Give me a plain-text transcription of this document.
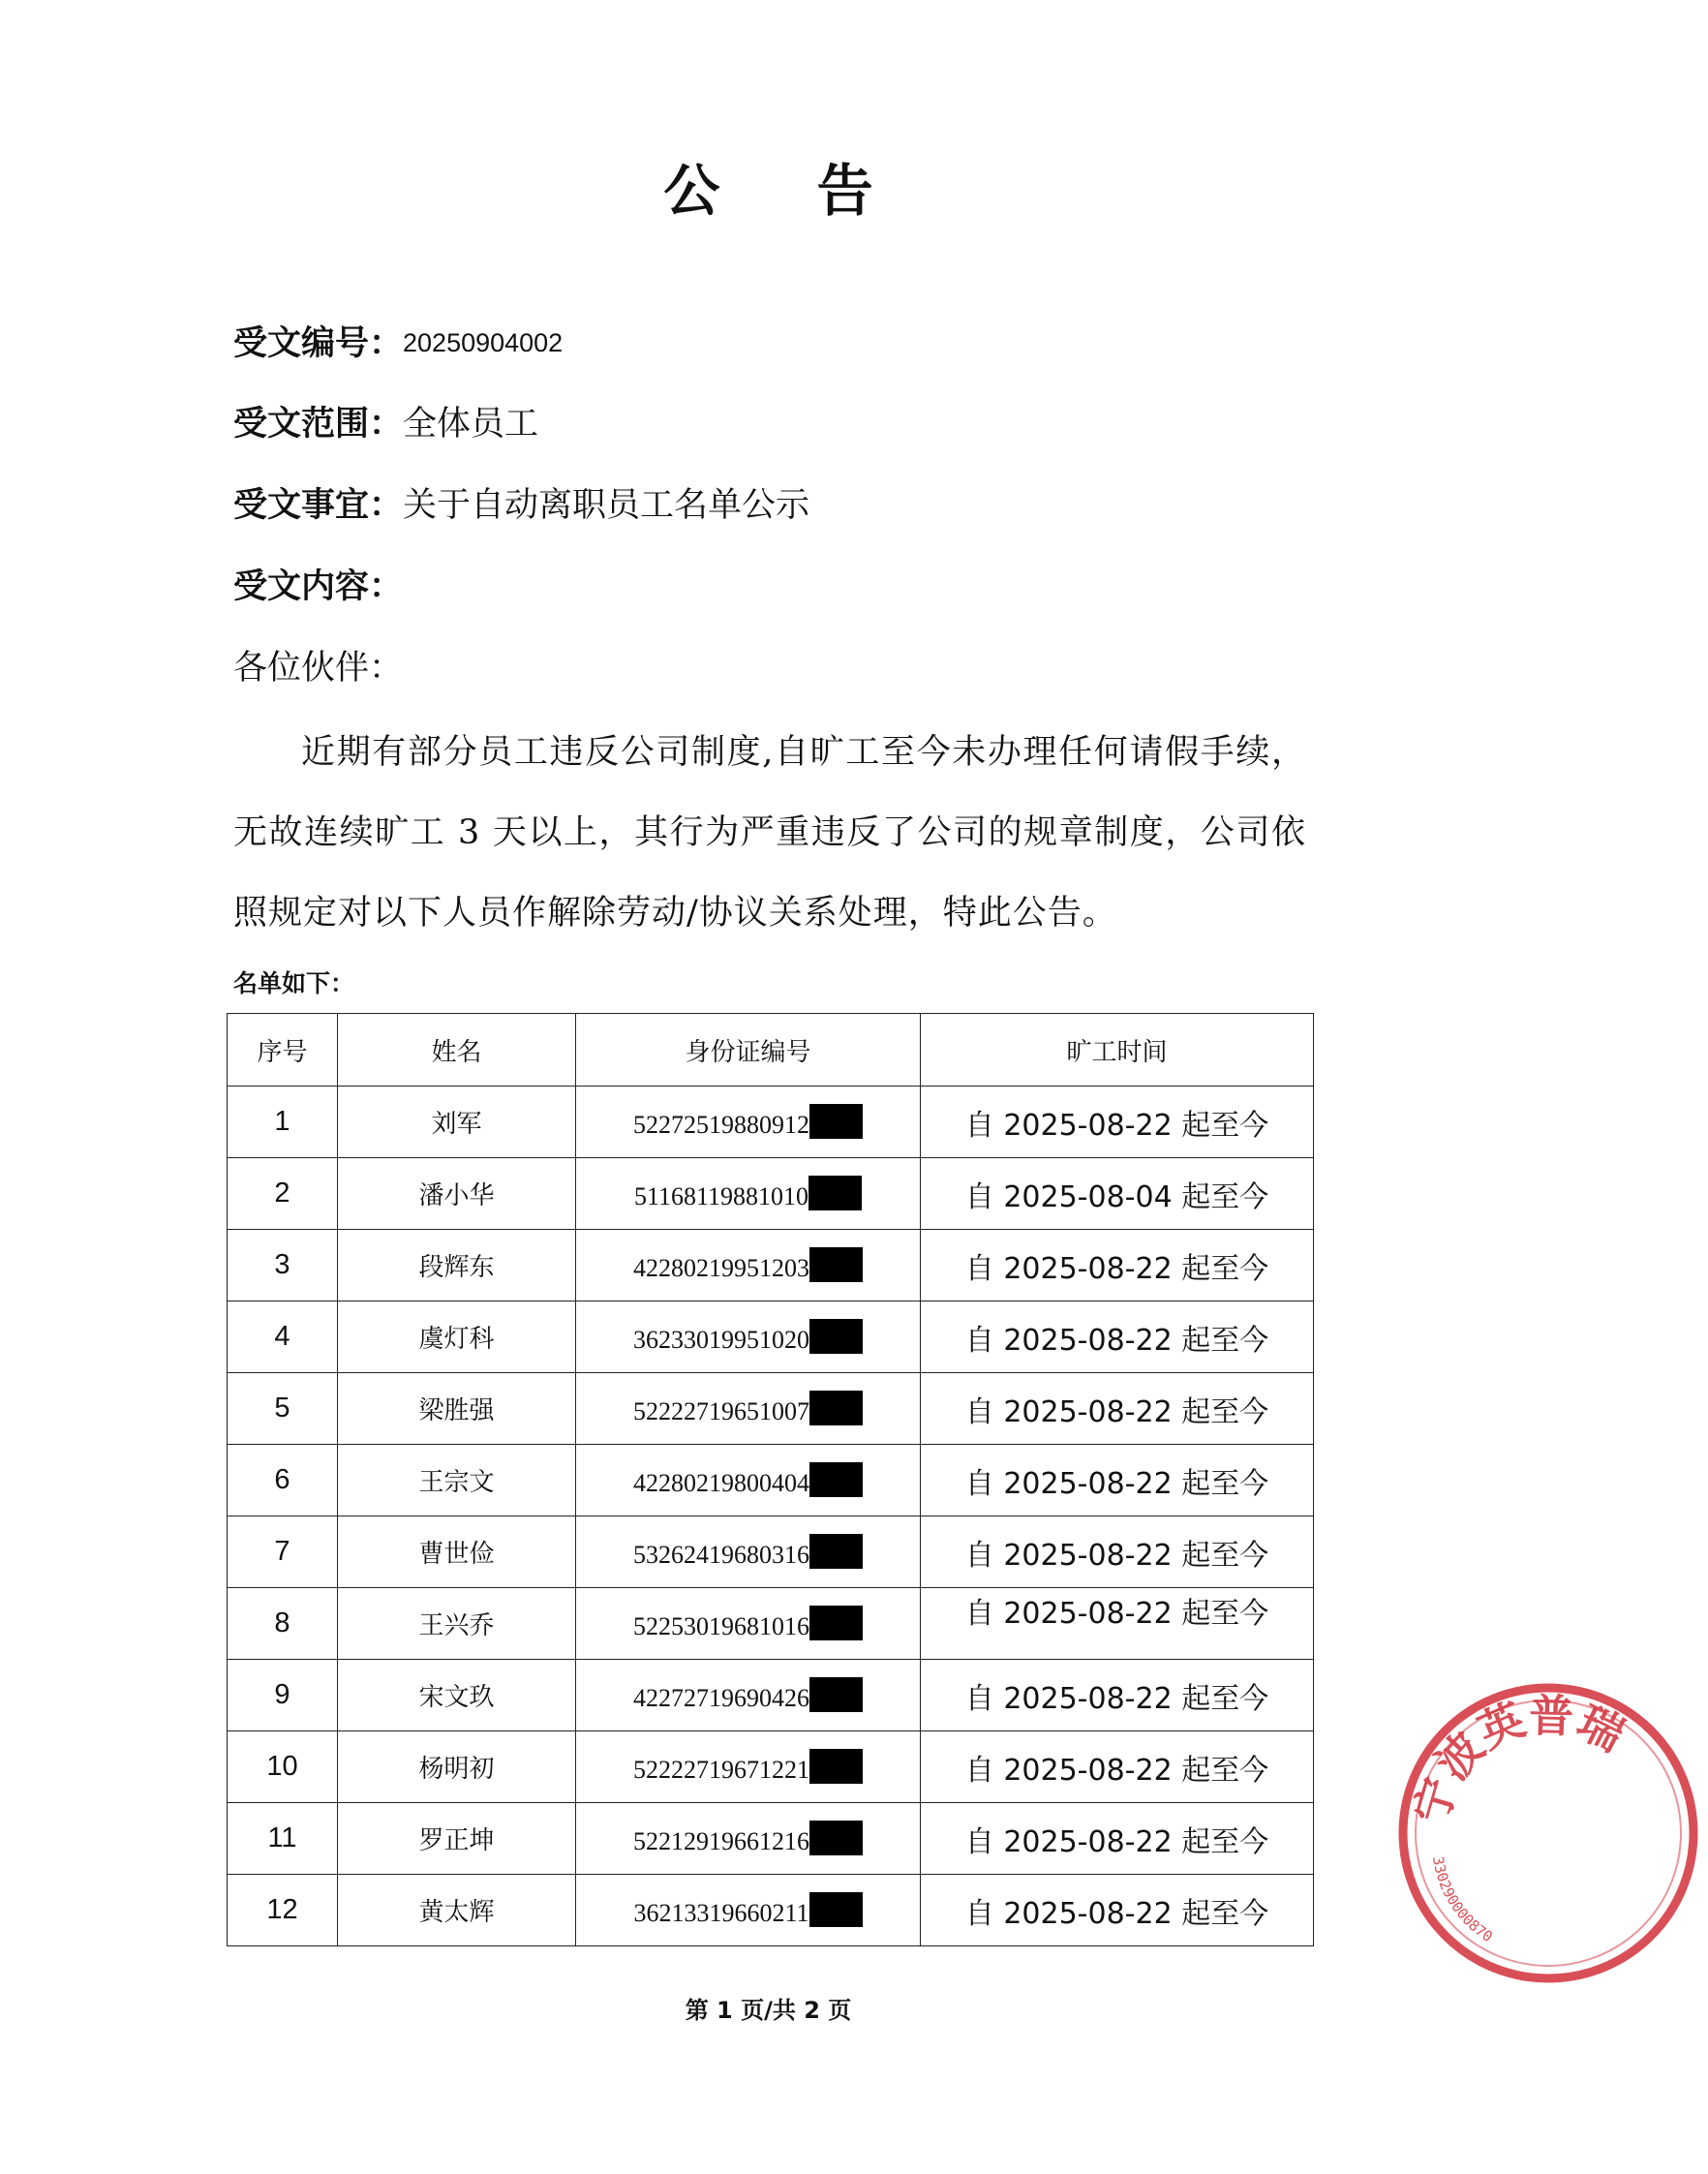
公 告
受文编号：20250904002
受文范围：全体员工
受文事宜：关于自动离职员工名单公示
受文内容：
各位伙伴：
近期有部分员工违反公司制度,自旷工至今未办理任何请假手续，无故连续旷工 3 天以上，其行为严重违反了公司的规章制度，公司依照规定对以下人员作解除劳动/协议关系处理，特此公告。
名单如下：
序号	姓名	身份证编号	旷工时间
1	刘军	52272519880912	自 2025-08-22 起至今
2	潘小华	51168119881010	自 2025-08-04 起至今
3	段辉东	42280219951203	自 2025-08-22 起至今
4	虞灯科	36233019951020	自 2025-08-22 起至今
5	梁胜强	52222719651007	自 2025-08-22 起至今
6	王宗文	42280219800404	自 2025-08-22 起至今
7	曹世俭	53262419680316	自 2025-08-22 起至今
8	王兴乔	52253019681016	自 2025-08-22 起至今
9	宋文玖	42272719690426	自 2025-08-22 起至今
10	杨明初	52222719671221	自 2025-08-22 起至今
11	罗正坤	52212919661216	自 2025-08-22 起至今
12	黄太辉	36213319660211	自 2025-08-22 起至今
第 1 页/共 2 页
宁波英普瑞
330290000870
